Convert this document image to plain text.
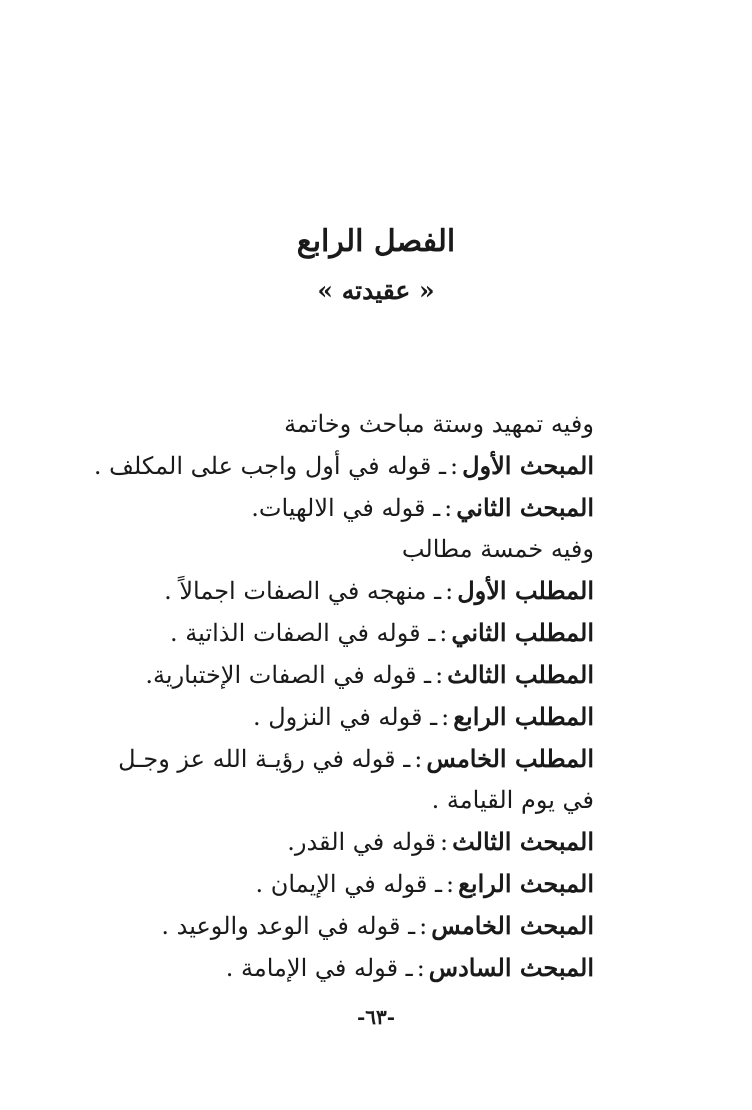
الفصل الرابع
« عقيدته »
وفيه تمهيد وستة مباحث وخاتمة
المبحث الأول:ـ قوله في أول واجب على المكلف .
المبحث الثاني:ـ قوله في الالهيات.
وفيه خمسة مطالب
المطلب الأول:ـ منهجه في الصفات اجمالاً .
المطلب الثاني:ـ قوله في الصفات الذاتية .
المطلب الثالث:ـ قوله في الصفات الإختبارية.
المطلب الرابع:ـ قوله في النزول .
المطلب الخامس:ـ قوله في رؤيـة الله عز وجـل في يوم القيامة .
المبحث الثالث:قوله في القدر.
المبحث الرابع:ـ قوله في الإيمان .
المبحث الخامس:ـ قوله في الوعد والوعيد .
المبحث السادس:ـ قوله في الإمامة .
-٦٣-
